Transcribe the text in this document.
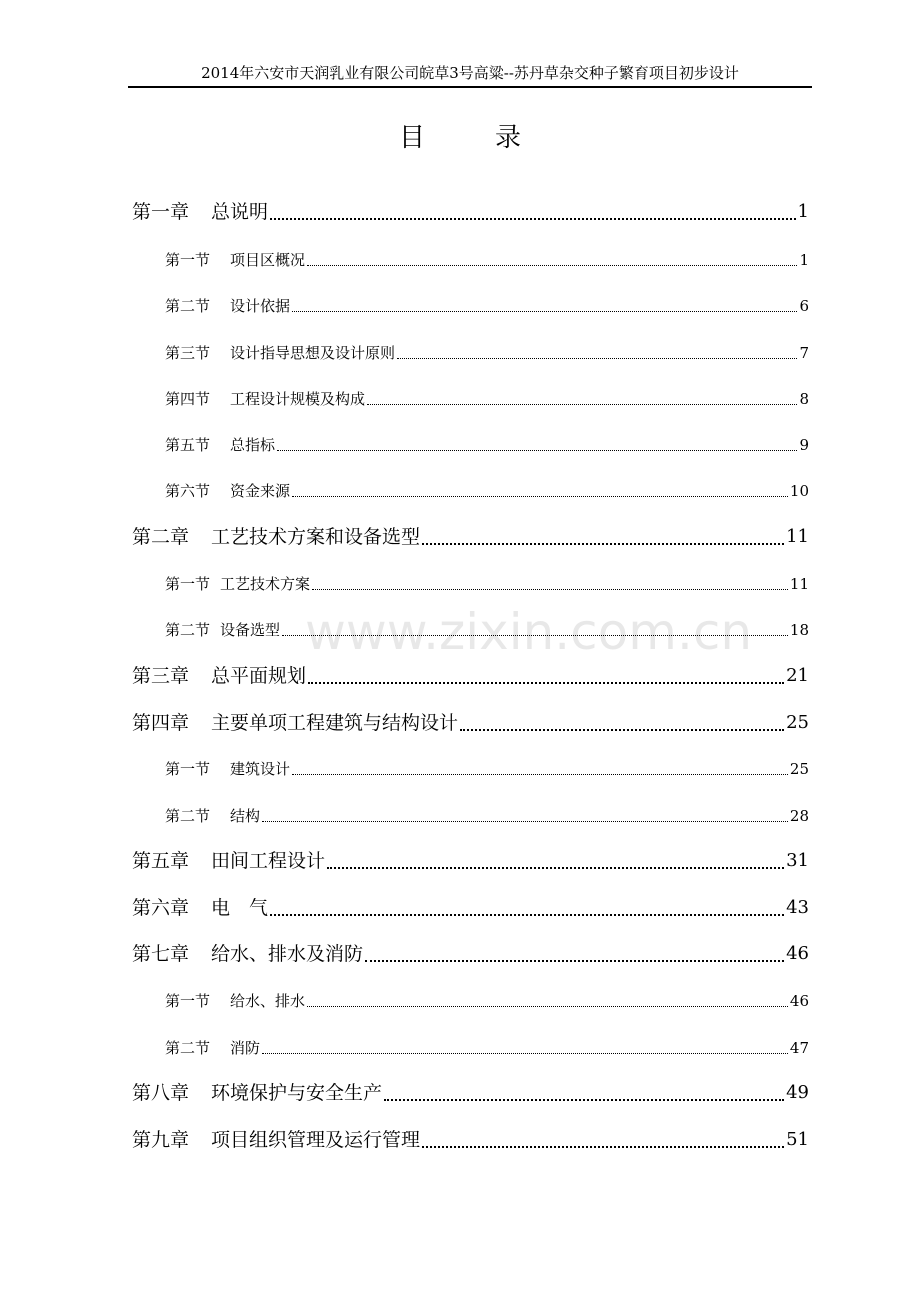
2014年六安市天润乳业有限公司皖草3号高粱--苏丹草杂交种子繁育项目初步设计
目　录
第一章 总说明	1
第一节 项目区概况	1
第二节 设计依据	6
第三节 设计指导思想及设计原则	7
第四节 工程设计规模及构成	8
第五节 总指标	9
第六节 资金来源	10
第二章 工艺技术方案和设备选型	11
第一节 工艺技术方案	11
第二节 设备选型	18
第三章 总平面规划	21
第四章 主要单项工程建筑与结构设计	25
第一节 建筑设计	25
第二节 结构	28
第五章 田间工程设计	31
第六章 电　气	43
第七章 给水、排水及消防	46
第一节 给水、排水	46
第二节 消防	47
第八章 环境保护与安全生产	49
第九章 项目组织管理及运行管理	51
www.zixin.com.cn
